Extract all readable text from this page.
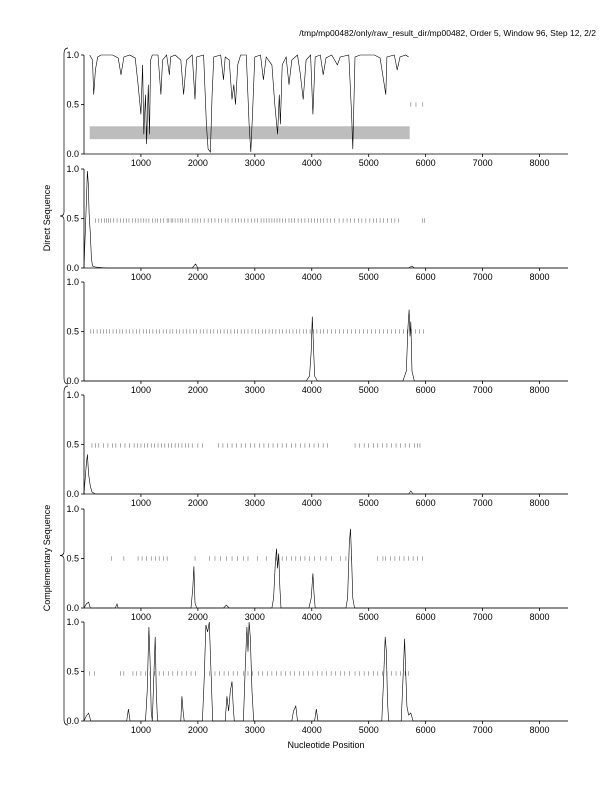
/tmp/mp00482/only/raw_result_dir/mp00482, Order 5, Window 96, Step 12, 2/2
0.0
0.5
1.0
1000	2000	3000	4000	5000	6000	7000	8000
0.0
0.5
1.0
1000	2000	3000	4000	5000	6000	7000	8000
0.0
0.5
1.0
1000	2000	3000	4000	5000	6000	7000	8000
0.0
0.5
1.0
1000	2000	3000	4000	5000	6000	7000	8000
0.0
0.5
1.0
1000	2000	3000	4000	5000	6000	7000	8000
0.0
0.5
1.0
1000	2000	3000	4000	5000	6000	7000	8000
Direct Sequence
Complementary Sequence
Nucleotide Position
